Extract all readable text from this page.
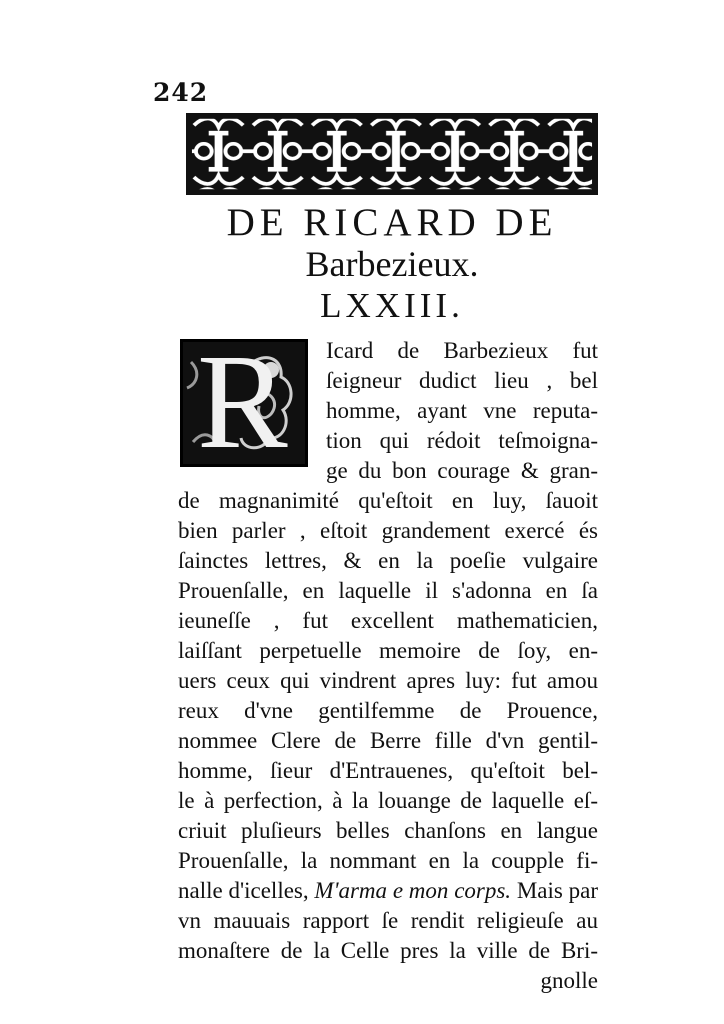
242
DE RICARD DE
Barbezieux.
LXXIII.
R Icard de Barbezieux fut
ſeigneur dudict lieu , bel
homme, ayant vne reputa-
tion qui rédoit teſmoigna-
ge du bon courage & gran-
de magnanimité qu'eſtoit en luy, ſauoit
bien parler , eſtoit grandement exercé és
ſainctes lettres, & en la poeſie vulgaire
Prouenſalle, en laquelle il s'adonna en ſa
ieuneſſe , fut excellent mathematicien,
laiſſant perpetuelle memoire de ſoy, en-
uers ceux qui vindrent apres luy: fut amou
reux d'vne gentilfemme de Prouence,
nommee Clere de Berre fille d'vn gentil-
homme, ſieur d'Entrauenes, qu'eſtoit bel-
le à perfection, à la louange de laquelle eſ-
criuit pluſieurs belles chanſons en langue
Prouenſalle, la nommant en la coupple fi-
nalle d'icelles, M'arma e mon corps. Mais par
vn mauuais rapport ſe rendit religieuſe au
monaſtere de la Celle pres la ville de Bri-
gnolle
